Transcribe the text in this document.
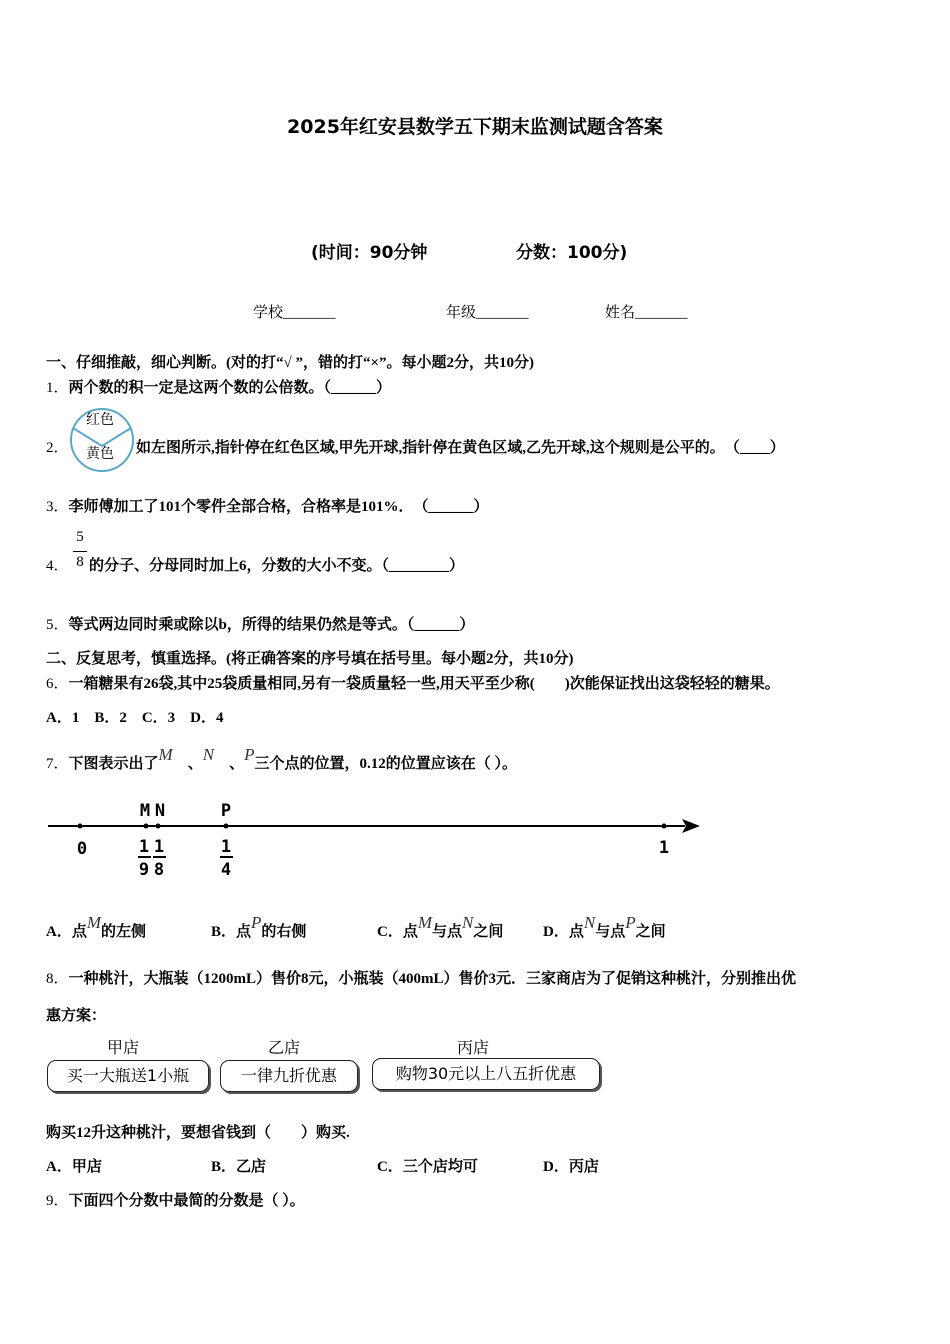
2025年红安县数学五下期末监测试题含答案
(时间：90分钟	分数：100分)
学校_______	年级_______	姓名_______
一、仔细推敲，细心判断。(对的打“√ ”，错的打“×”。每小题2分，共10分)
1．两个数的积一定是这两个数的公倍数。（______）
2．
红色
黄色 如左图所示,指针停在红色区域,甲先开球,指针停在黄色区域,乙先开球,这个规则是公平的。　（____）
3．李师傅加工了101个零件全部合格，合格率是101%．　（______）
4．
5
8 的分子、分母同时加上6，分数的大小不变。（________）
5．等式两边同时乘或除以b，所得的结果仍然是等式。（______）
二、反复思考，慎重选择。(将正确答案的序号填在括号里。每小题2分，共10分)
6．一箱糖果有26袋,其中25袋质量相同,另有一袋质量轻一些,用天平至少称(　　)次能保证找出这袋轻轻的糖果。
A．1　B．2　C．3　D．4
7．下图表示出了M　 、N　 、P三个点的位置，0.12的位置应该在（ ）。
M N	P
0	1
1
9
1
8
1
4
A．点M的左侧	B．点P的右侧	C．点M与点N之间	D．点N与点P之间
8．一种桃汁，大瓶装（1200mL）售价8元，小瓶装（400mL）售价3元．三家商店为了促销这种桃汁，分别推出优
惠方案：
甲店	乙店	丙店
买一大瓶送1小瓶	一律九折优惠	购物30元以上八五折优惠
购买12升这种桃汁，要想省钱到（　　）购买.
A．甲店	B．乙店	C．三个店均可	D．丙店
9．下面四个分数中最简的分数是（ ）。
